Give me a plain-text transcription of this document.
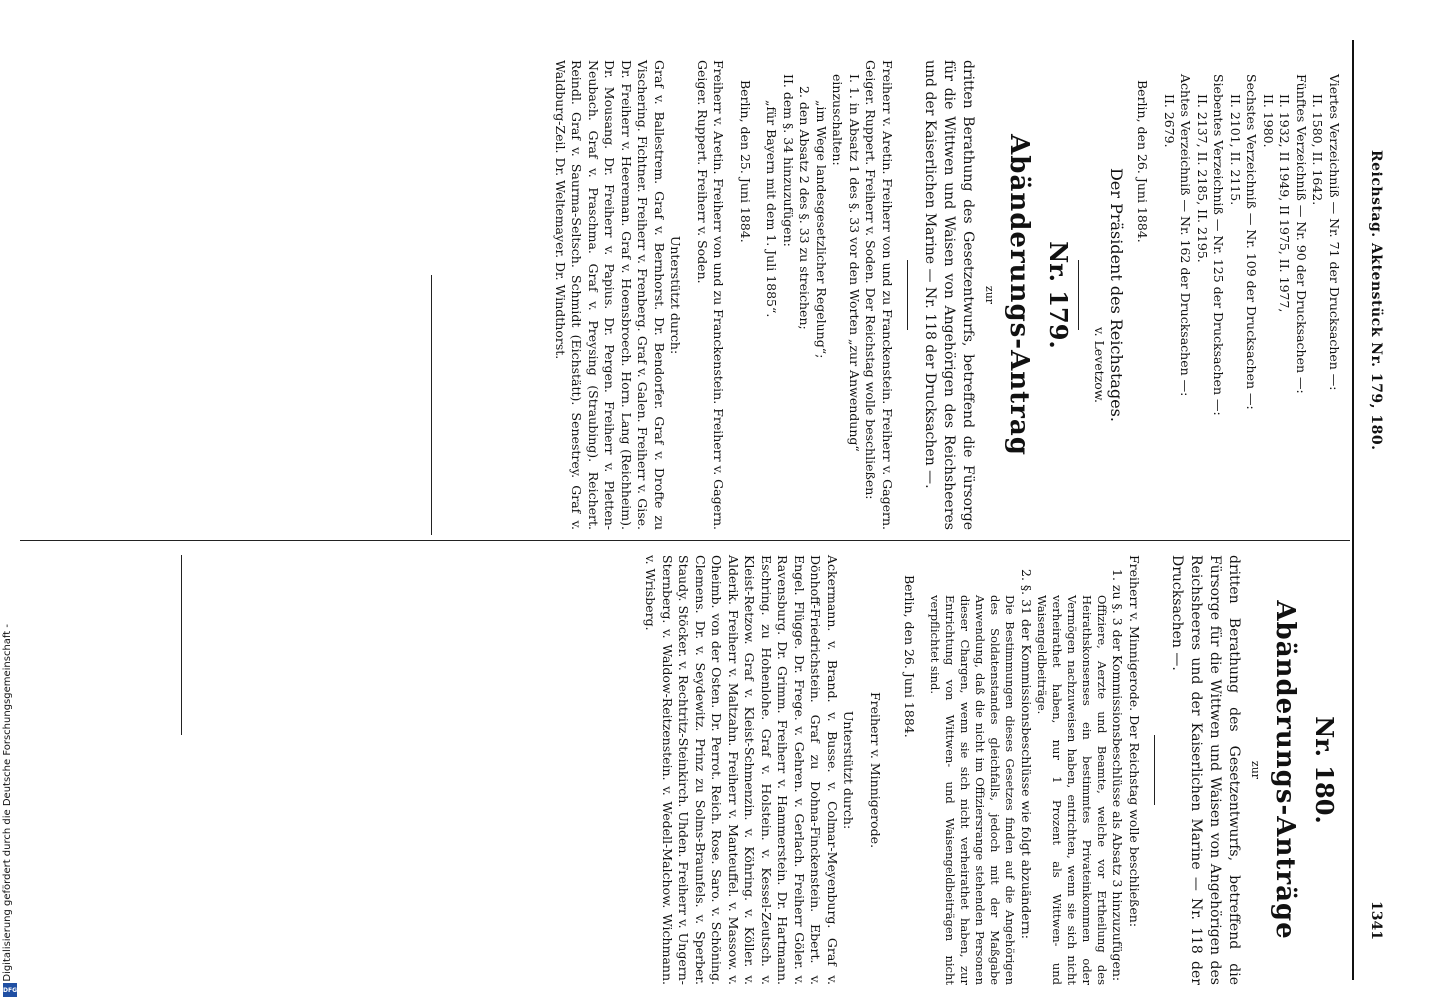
Reichstag. Aktenstück Nr. 179, 180.
1341

Viertes Verzeichniß — Nr. 71 der Drucksachen —:

II. 1580, II. 1642.

Fünftes Verzeichniß — Nr. 90 der Drucksachen —:

II. 1932, II 1949, II 1975, II. 1977,

II. 1980.

Sechstes Verzeichniß — Nr. 109 der Drucksachen —:

II. 2101, II. 2115.

Siebentes Verzeichniß — Nr. 125 der Drucksachen —:

II. 2137, II. 2185, II. 2195.

Achtes Verzeichniß — Nr. 162 der Drucksachen —:

II. 2679.

Berlin, den 26. Juni 1884.

Der Präsident des Reichstages.

v. Levetzow.

Nr. 179.

Abänderungs-Antrag

zur

dritten Berathung des Gesetzentwurfs, betreffend die Fürsorge für die Wittwen und Waisen von Angehörigen des Reichsheeres und der Kaiserlichen Marine — Nr. 118 der Drucksachen —.

Freiherr v. Aretin. Freiherr von und zu Franckenstein. Freiherr v. Gagern. Geiger. Ruppert. Freiherr v. Soden. Der Reichstag wolle beschließen:

I. 1. in Absatz 1 des §. 33 vor den Worten „zur Anwendung“ einzuschalten:

„im Wege landesgesetzlicher Regelung“;

2. den Absatz 2 des §. 33 zu streichen;

II. dem §. 34 hinzuzufügen:

„für Bayern mit dem 1. Juli 1885“.

Berlin, den 25. Juni 1884.

Freiherr v. Aretin. Freiherr von und zu Franckenstein. Freiherr v. Gagern. Geiger. Ruppert. Freiherr v. Soden.

Unterstützt durch:

Graf v. Ballestrem. Graf v. Bernhorst. Dr. Bendorfer. Graf v. Drofte zu Vischering. Fichtner. Freiherr v. Frenberg. Graf v. Galen. Freiherr v. Gise. Dr. Freiherr v. Heereman. Graf v. Hoensbroech. Horn. Lang (Reichheim). Dr. Mousang. Dr. Freiherr v. Papius. Dr. Pergen. Freiherr v. Pletten-Neubach. Graf v. Praschma. Graf v. Preysing (Straubing). Reichert. Reindl. Graf v. Saurma-Seltsch. Schmidt (Eichstätt). Senestrey. Graf v. Waldburg-Zeil. Dr. Weltemayer. Dr. Windthorst.

Nr. 180.

Abänderungs-Anträge

zur

dritten Berathung des Gesetzentwurfs, betreffend die Fürsorge für die Wittwen und Waisen von Angehörigen des Reichsheeres und der Kaiserlichen Marine — Nr. 118 der Drucksachen —.

Freiherr v. Minnigerode. Der Reichstag wolle beschließen:

1. zu §. 3 der Kommissionsbeschlüsse als Absatz 3 hinzuzufügen:

Offiziere, Aerzte und Beamte, welche vor Ertheilung des Heirathskonsenses ein bestimmtes Privateinkommen oder Vermögen nachzuweisen haben, entrichten, wenn sie sich nicht verheirathet haben, nur 1 Prozent als Wittwen- und Waisengeldbeiträge.

2. §. 31 der Kommissionsbeschlüsse wie folgt abzuändern:

Die Bestimmungen dieses Gesetzes finden auf die Angehörigen des Soldatenstandes gleichfalls, jedoch mit der Maßgabe Anwendung, daß die nicht im Offiziersrange stehenden Personen dieser Chargen, wenn sie sich nicht verheirathet haben, zur Entrichtung von Wittwen- und Waisengeldbeiträgen nicht verpflichtet sind.

Berlin, den 26. Juni 1884.

Freiherr v. Minnigerode.

Unterstützt durch:

Ackermann. v. Brand. v. Busse. v. Colmar-Meyenburg. Graf v. Dönhoff-Friedrichstein. Graf zu Dohna-Finckenstein. Ebert. v. Engel. Flügge. Dr. Frege. v. Gehren. v. Gerlach. Freiherr Göler. v. Ravensburg. Dr. Grimm. Freiherr v. Hammerstein. Dr. Hartmann. Eschring. zu Hohenlohe. Graf v. Holstein. v. Kessel-Zeutsch. v. Kleist-Retzow. Graf v. Kleist-Schmenzin. v. Köhring. v. Köller. v. Alderik. Freiherr v. Maltzahn. Freiherr v. Manteuffel. v. Massow. v. Oheimb. von der Osten. Dr. Perrot. Reich. Rose. Saro. v. Schöning. Clemens. Dr. v. Seydewitz. Prinz zu Solms-Braunfels. v. Sperber. Staudy. Stöcker. v. Rechtritz-Steinkirch. Uhden. Freiherr v. Ungern-Sternberg. v. Waldow-Reitzenstein. v. Wedell-Malchow. Wichmann. v. Wrisberg.

Digitalisierung gefördert durch die Deutsche Forschungsgemeinschaft -
DFG
